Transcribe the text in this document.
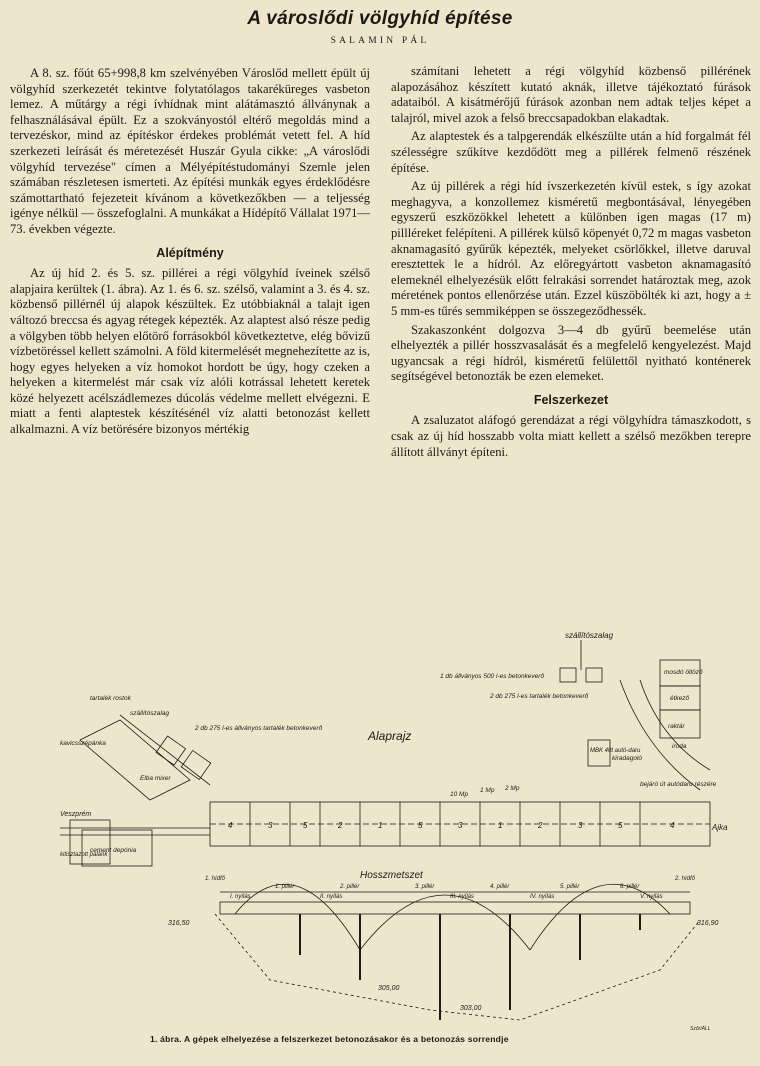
A városlődi völgyhíd építése
SALAMIN PÁL

A 8. sz. főút 65+998,8 km szelvényében Városlőd mellett épült új völgyhíd szerkezetét tekintve folytatólagos takaréküreges vasbeton lemez. A műtárgy a régi ívhídnak mint alátámasztó állványnak a felhasználásával épült. Ez a szokványostól eltérő megoldás mind a tervezéskor, mind az építéskor érdekes problémát vetett fel. A híd szerkezeti leírását és méretezését Huszár Gyula cikke: „A városlődi völgyhíd tervezése" címen a Mélyépítéstudományi Szemle jelen számában részletesen ismerteti. Az építési munkák egyes érdeklődésre számottartható fejezeteit kívánom a következőkben — a teljesség igénye nélkül — összefoglalni. A munkákat a Hídépítő Vállalat 1971—73. években végezte.

Alépítmény

Az új híd 2. és 5. sz. pillérei a régi völgyhíd íveinek szélső alapjaira kerültek (1. ábra). Az 1. és 6. sz. szélső, valamint a 3. és 4. sz. közbenső pillérnél új alapok készültek. Ez utóbbiaknál a talajt igen változó breccsa és agyag rétegek képezték. Az alaptest alsó része pedig a völgyben több helyen előtörő forrásokból következtetve, elég bővizű vízbetöréssel kellett számolni. A föld kitermelését megnehezítette az is, hogy egyes helyeken a víz homokot hordott be úgy, hogy czeken a helyeken a kitermelést már csak víz alóli kotrással lehetett keretek közé helyezett acélszádlemezes dúcolás védelme mellett elvégezni. E miatt a fenti alaptestek készítésénél víz alatti betonozást kellett alkalmazni. A víz betörésére bizonyos mértékig

számítani lehetett a régi völgyhíd közbenső pillérének alapozásához készített kutató aknák, illetve tájékoztató fúrások adataiból. A kisátmérőjű fúrások azonban nem adtak teljes képet a talajról, mivel azok a felső breccsapadokban elakadtak.

Az alaptestek és a talpgerendák elkészülte után a híd forgalmát fél szélességre szűkítve kezdődött meg a pillérek felmenő részének építése.

Az új pillérek a régi híd ívszerkezetén kívül estek, s így azokat meghagyva, a konzollemez kisméretű megbontásával, lényegében egyszerű eszközökkel lehetett a különben igen magas (17 m) pillléreket felépíteni. A pillérek külső köpenyét 0,72 m magas vasbeton aknamagasító gyűrűk képezték, melyeket csörlőkkel, illetve daruval eresztettek le a hídról. Az előregyártott vasbeton aknamagasító elemeknél elhelyezésük előtt felrakási sorrendet határoztak meg, azok méretének pontos ellenőrzése után. Ezzel küszöbölték ki azt, hogy a ± 5 mm-es tűrés semmiképpen se összegeződhessék.

Szakaszonként dolgozva 3—4 db gyűrű beemelése után elhelyezték a pillér hosszvasalását és a megfelelő kengyelezést. Majd ugyancsak a régi hídról, kisméretű felülettől nyitható konténerek segítségével betonozták be ezen elemeket.

Felszerkezet

A zsaluzatot aláfogó gerendázat a régi völgyhídra támaszkodott, s csak az új híd hosszabb volta miatt kellett a szélső mezőkben terepre állított állványt építeni.

szállítószalag
1 db állványos 500 l-es betonkeverő
2 db 275 l-es tartalék betonkeverő
mosdó öltöző
étkező
raktár
iroda
tartalék rostok
szállítószalag
2 db 275 l-es állványos tartalék betonkeverő
kavicsszépánka
Elba mixer
Veszprém
kitisztazott palánk
cement depónia
Alaprajz
MBK 40t autó-daru
kiradagoló
bejáró út autódaru részére
Ajka
10 Mp
1 Mp 2 Mp
Hosszmetszet
I. nyílás	II. nyílás	III. nyílás	IV. nyílás	V. nyílás
1. pillér	2. pillér	3. pillér	4. pillér	5. pillér	6. pillér
1. hídfő	2. hídfő
316,50	316,90
305,00
303,00
Szőr/ÁLL
4	3	5	2	1	5	3	1	2	3	5	4
1. ábra. A gépek elhelyezése a felszerkezet betonozásakor és a betonozás sorrendje
